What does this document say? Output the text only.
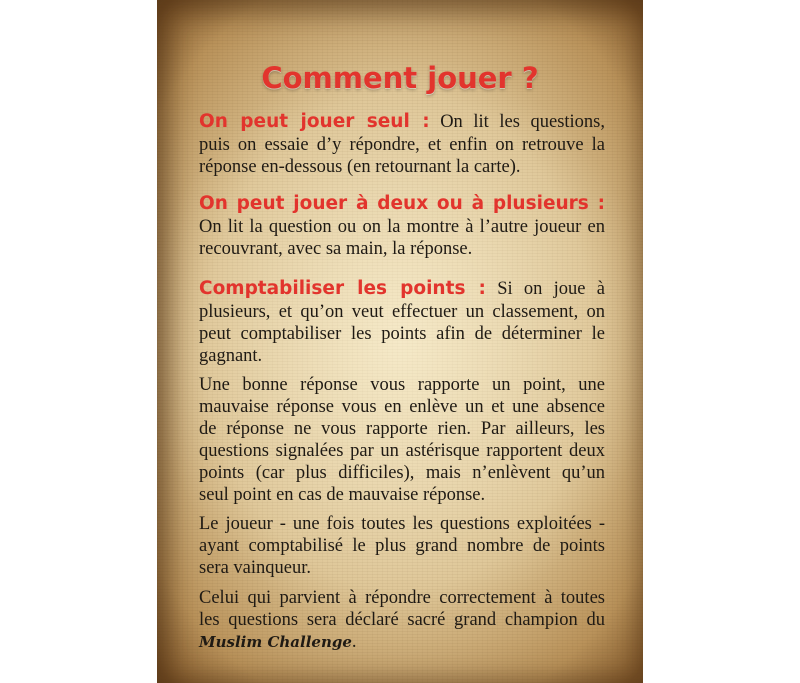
Comment jouer ?
On peut jouer seul : On lit les questions,
puis on essaie d’y répondre, et enfin on retrouve la
réponse en-dessous (en retournant la carte).
On peut jouer à deux ou à plusieurs :
On lit la question ou on la montre à l’autre joueur en
recouvrant, avec sa main, la réponse.
Comptabiliser les points : Si on joue à
plusieurs, et qu’on veut effectuer un classement, on
peut comptabiliser les points afin de déterminer le
gagnant.
Une bonne réponse vous rapporte un point, une
mauvaise réponse vous en enlève un et une absence
de réponse ne vous rapporte rien. Par ailleurs, les
questions signalées par un astérisque rapportent deux
points (car plus difficiles), mais n’enlèvent qu’un
seul point en cas de mauvaise réponse.
Le joueur - une fois toutes les questions exploitées -
ayant comptabilisé le plus grand nombre de points
sera vainqueur.
Celui qui parvient à répondre correctement à toutes
les questions sera déclaré sacré grand champion du
Muslim Challenge.
